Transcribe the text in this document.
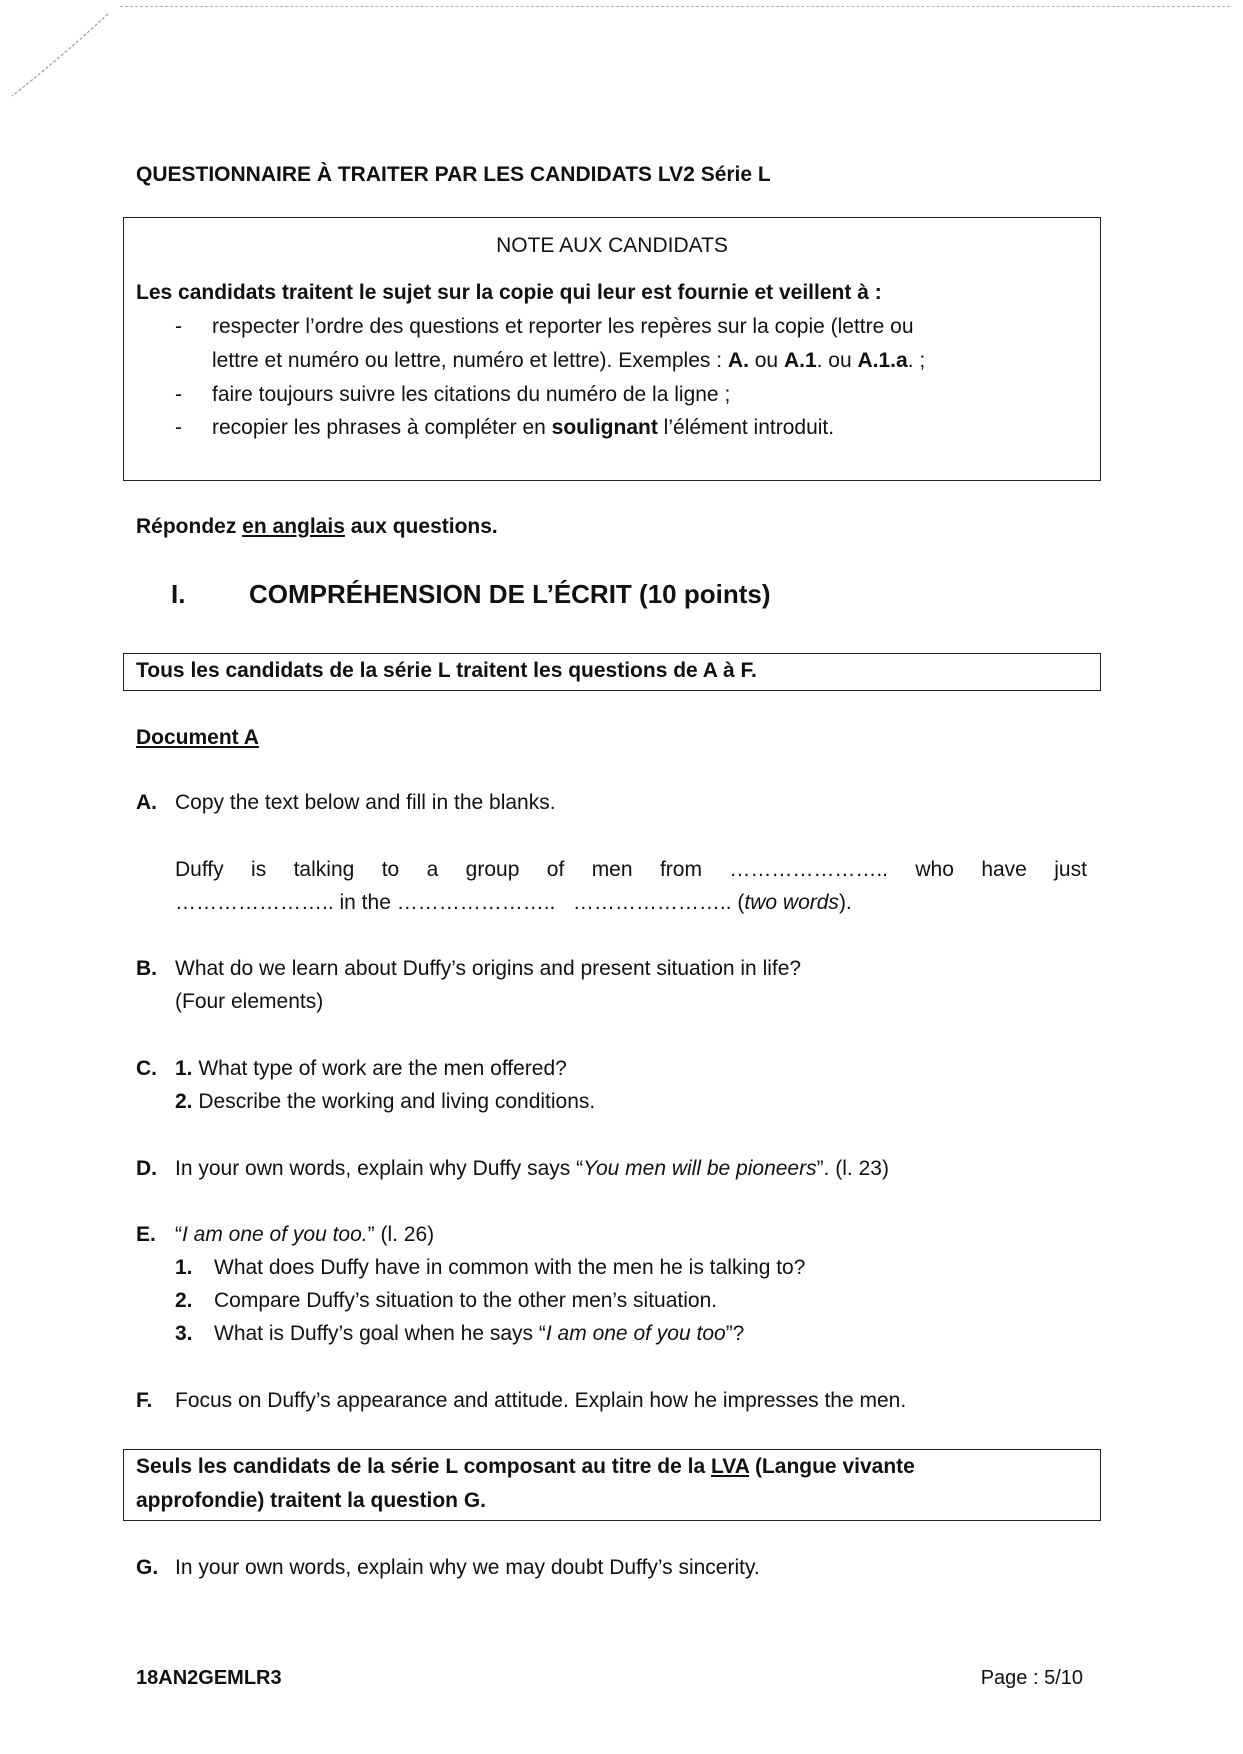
QUESTIONNAIRE À TRAITER PAR LES CANDIDATS LV2 Série L
NOTE AUX CANDIDATS
Les candidats traitent le sujet sur la copie qui leur est fournie et veillent à :
- respecter l’ordre des questions et reporter les repères sur la copie (lettre ou
lettre et numéro ou lettre, numéro et lettre). Exemples : A. ou A.1. ou A.1.a. ;
- faire toujours suivre les citations du numéro de la ligne ;
- recopier les phrases à compléter en soulignant l’élément introduit.
Répondez en anglais aux questions.
I. COMPRÉHENSION DE L’ÉCRIT (10 points)
Tous les candidats de la série L traitent les questions de A à F.
Document A
A. Copy the text below and fill in the blanks.
Duffy is talking to a group of men from ………………….. who have just
………………….. in the ………………….. ………………….. (two words).
B. What do we learn about Duffy’s origins and present situation in life?
(Four elements)
C. 1. What type of work are the men offered?
2. Describe the working and living conditions.
D. In your own words, explain why Duffy says “You men will be pioneers”. (l. 23)
E. “I am one of you too.” (l. 26)
1. What does Duffy have in common with the men he is talking to?
2. Compare Duffy’s situation to the other men’s situation.
3. What is Duffy’s goal when he says “I am one of you too”?
F. Focus on Duffy’s appearance and attitude. Explain how he impresses the men.
Seuls les candidats de la série L composant au titre de la LVA (Langue vivante
approfondie) traitent la question G.
G. In your own words, explain why we may doubt Duffy’s sincerity.
18AN2GEMLR3	Page : 5/10
